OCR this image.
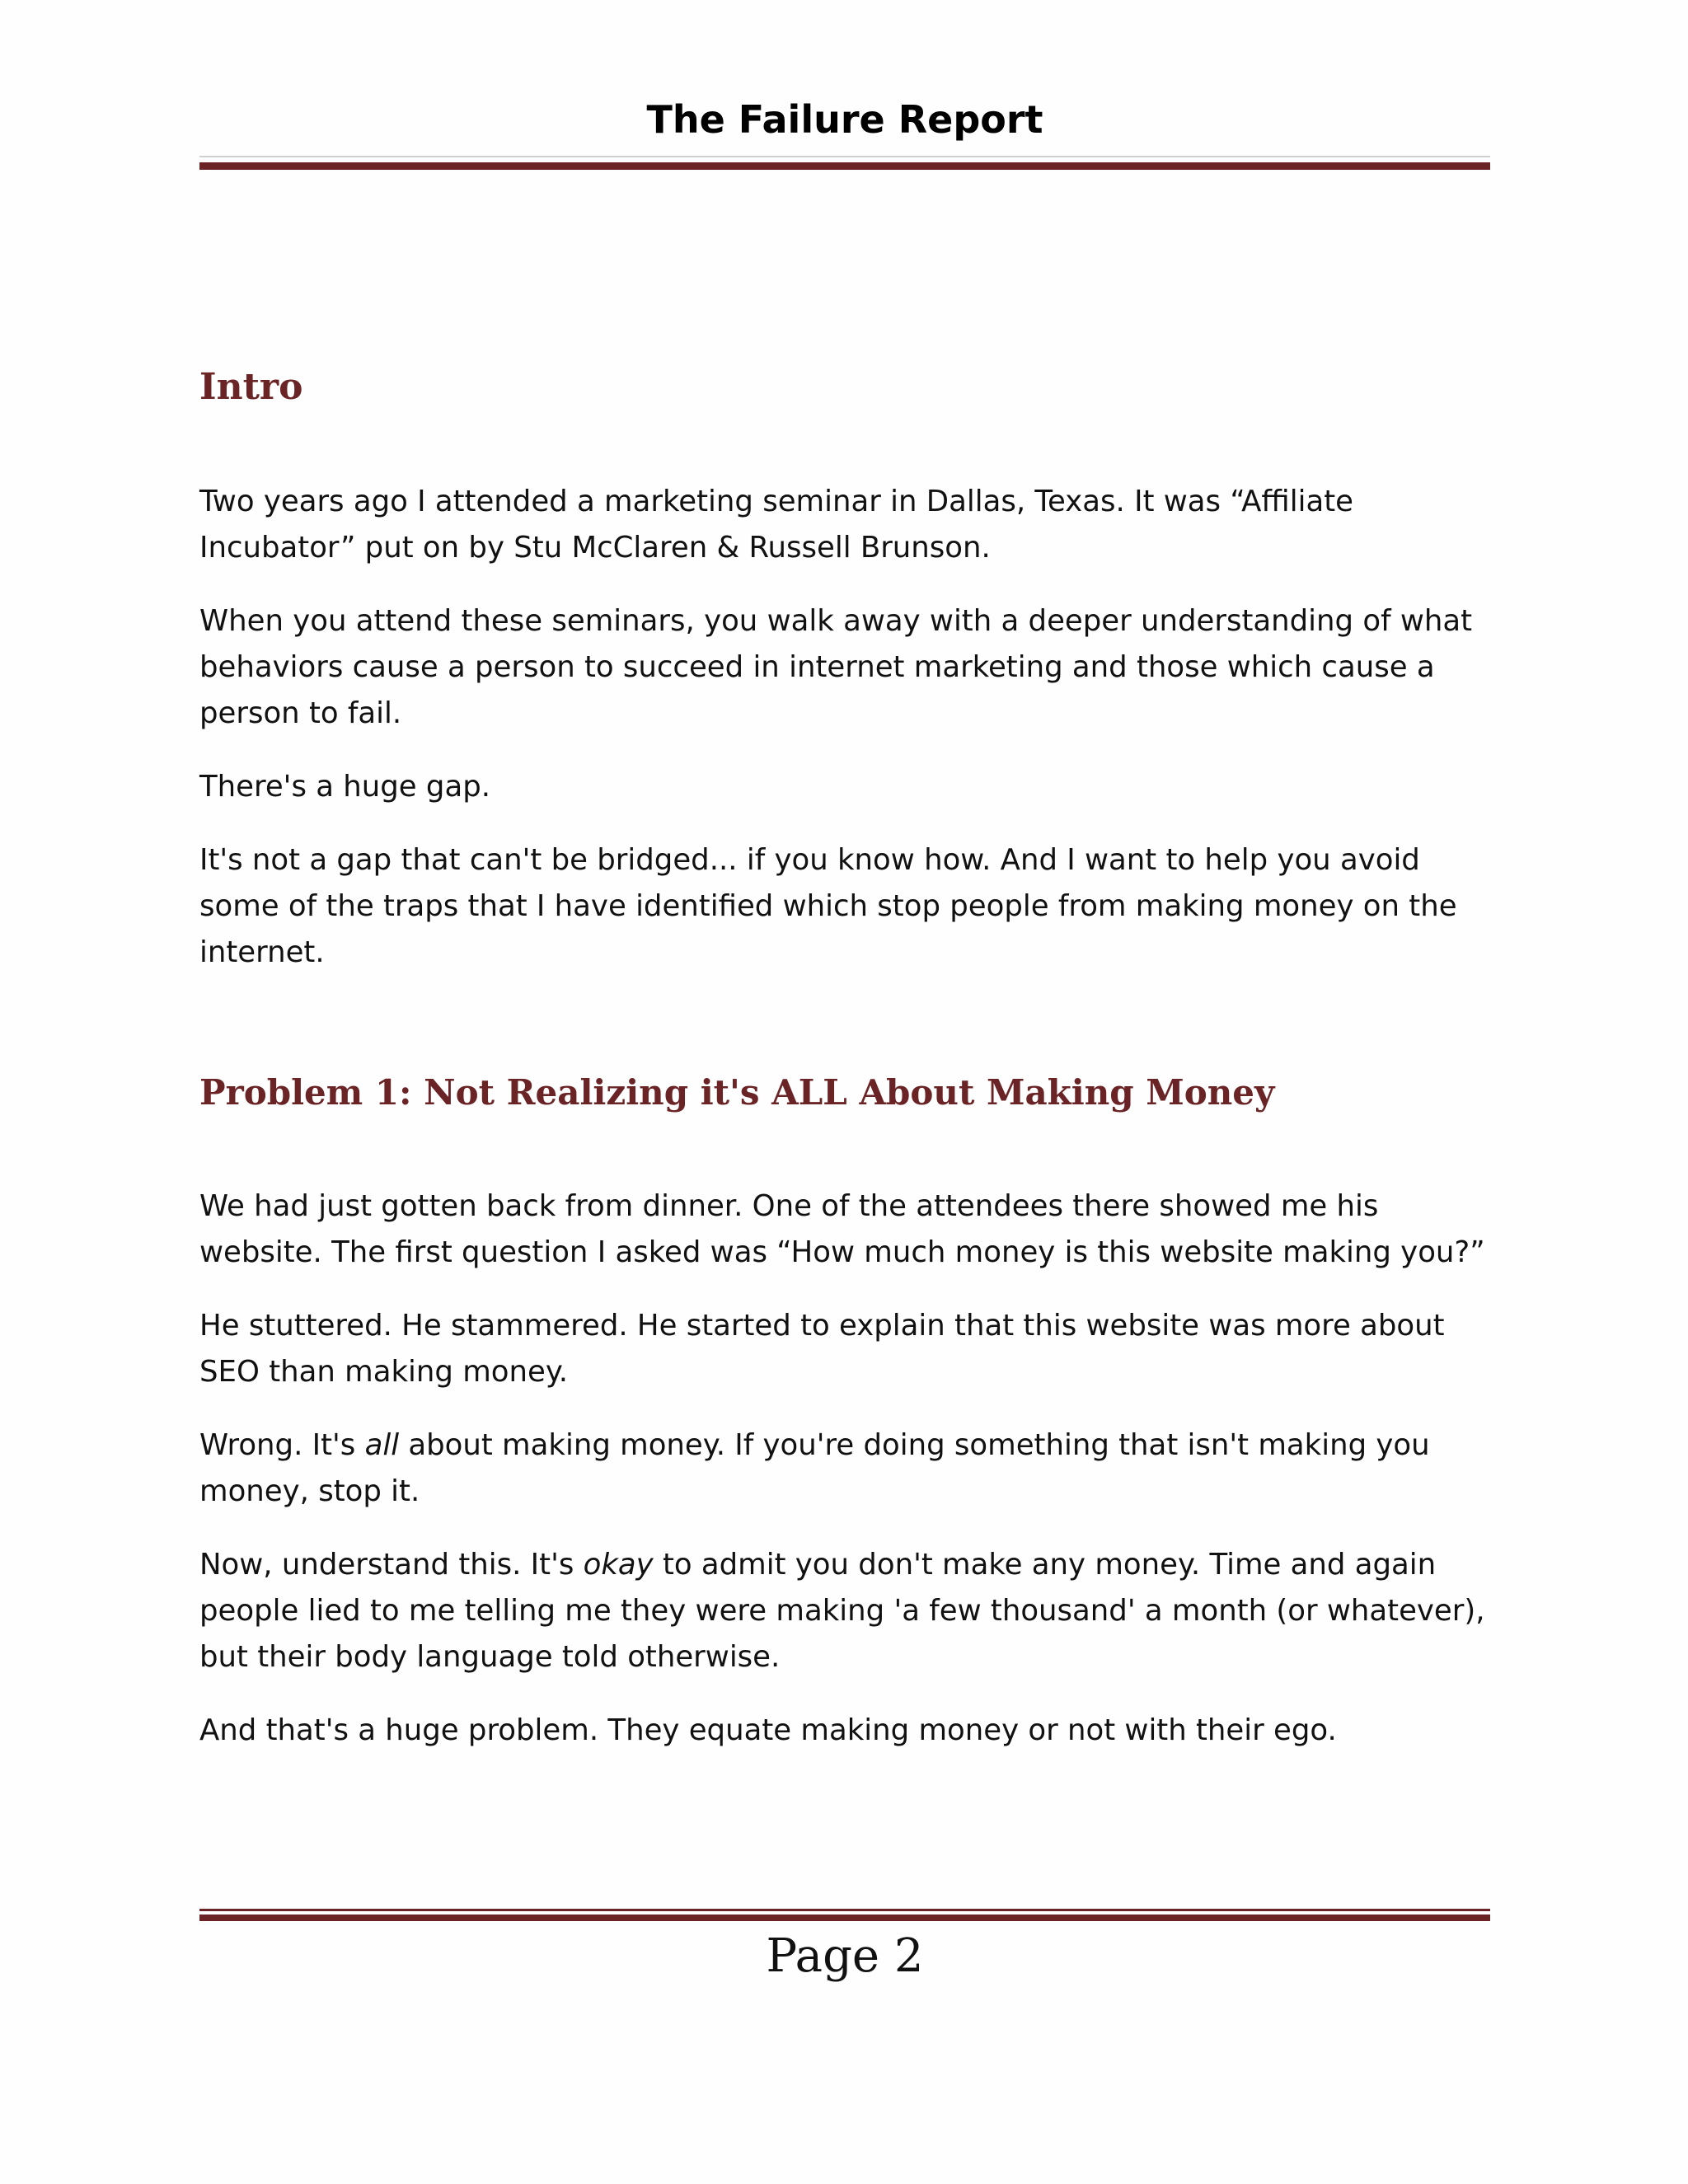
The Failure Report
Intro

Two years ago I attended a marketing seminar in Dallas, Texas. It was “Affiliate Incubator” put on by Stu McClaren & Russell Brunson.

When you attend these seminars, you walk away with a deeper understanding of what behaviors cause a person to succeed in internet marketing and those which cause a person to fail.

There's a huge gap.

It's not a gap that can't be bridged... if you know how. And I want to help you avoid some of the traps that I have identified which stop people from making money on the internet.

Problem 1: Not Realizing it's ALL About Making Money

We had just gotten back from dinner. One of the attendees there showed me his website. The first question I asked was “How much money is this website making you?”

He stuttered. He stammered. He started to explain that this website was more about SEO than making money.

Wrong. It's all about making money. If you're doing something that isn't making you money, stop it.

Now, understand this. It's okay to admit you don't make any money. Time and again people lied to me telling me they were making 'a few thousand' a month (or whatever), but their body language told otherwise.

And that's a huge problem. They equate making money or not with their ego.

Page 2
